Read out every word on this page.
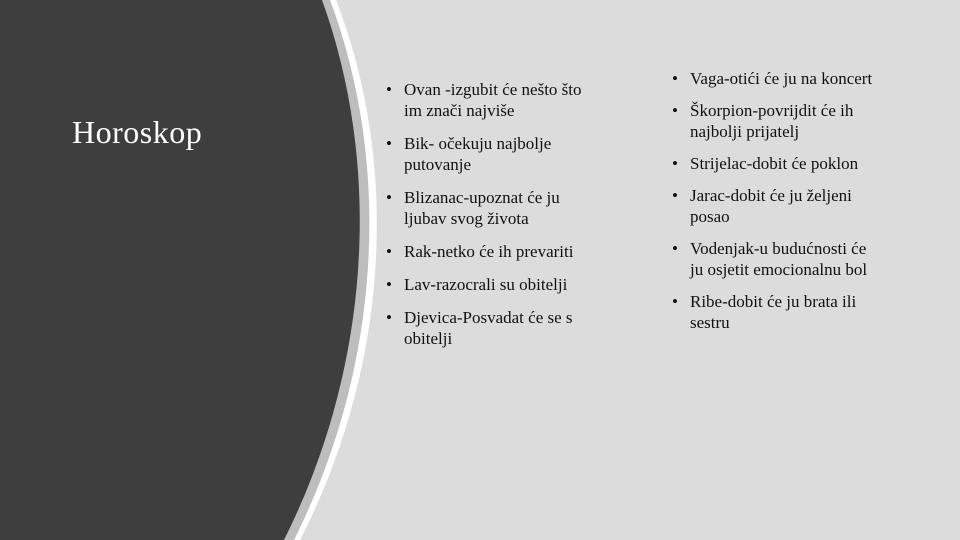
Horoskop
• Ovan -izgubit će nešto što im znači najviše
• Bik- očekuju najbolje putovanje
• Blizanac-upoznat će ju ljubav svog života
• Rak-netko će ih prevariti
• Lav-razocrali su obitelji
• Djevica-Posvadat će se s obitelji
• Vaga-otići će ju na koncert
• Škorpion-povrijdit će ih najbolji prijatelj
• Strijelac-dobit će poklon
• Jarac-dobit će ju željeni posao
• Vodenjak-u budućnosti će ju osjetit emocionalnu bol
• Ribe-dobit će ju brata ili sestru
